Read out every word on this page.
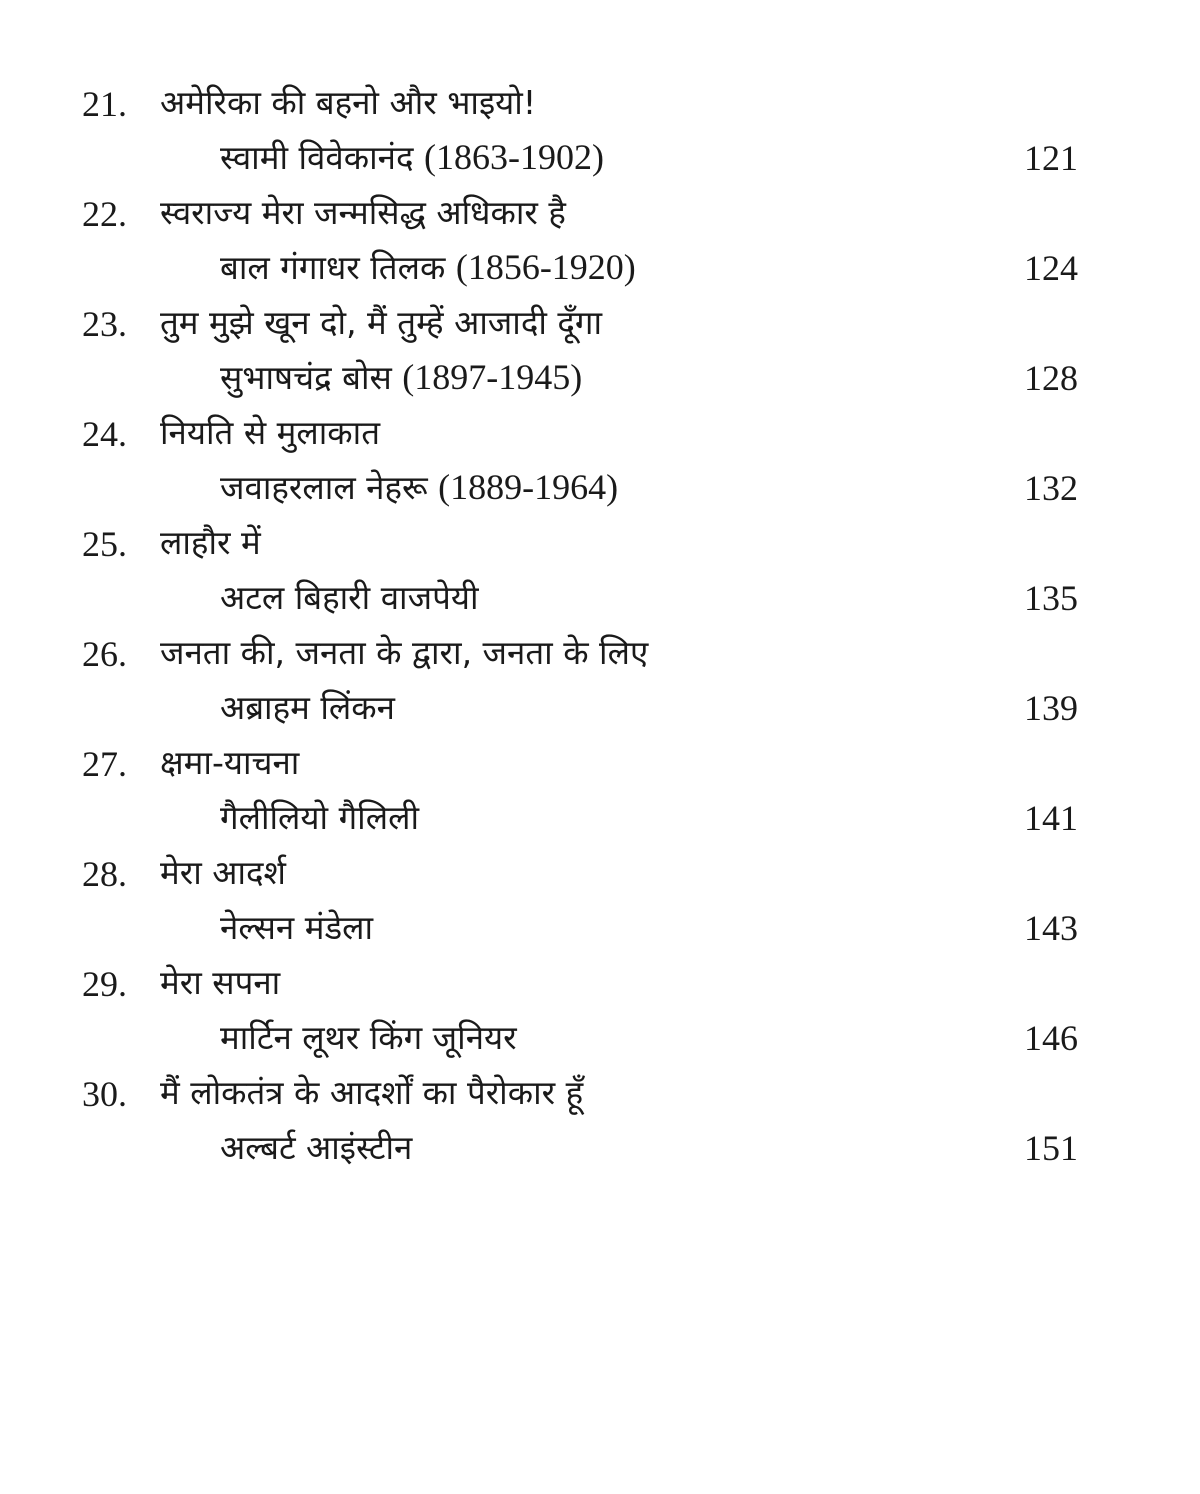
21. अमेरिका की बहनो और भाइयो!
स्वामी विवेकानंद (1863-1902)	121
22. स्वराज्य मेरा जन्मसिद्ध अधिकार है
बाल गंगाधर तिलक (1856-1920)	124
23. तुम मुझे खून दो, मैं तुम्हें आजादी दूँगा
सुभाषचंद्र बोस (1897-1945)	128
24. नियति से मुलाकात
जवाहरलाल नेहरू (1889-1964)	132
25. लाहौर में
अटल बिहारी वाजपेयी	135
26. जनता की, जनता के द्वारा, जनता के लिए
अब्राहम लिंकन	139
27. क्षमा-याचना
गैलीलियो गैलिली	141
28. मेरा आदर्श
नेल्सन मंडेला	143
29. मेरा सपना
मार्टिन लूथर किंग जूनियर	146
30. मैं लोकतंत्र के आदर्शों का पैरोकार हूँ
अल्बर्ट आइंस्टीन	151
